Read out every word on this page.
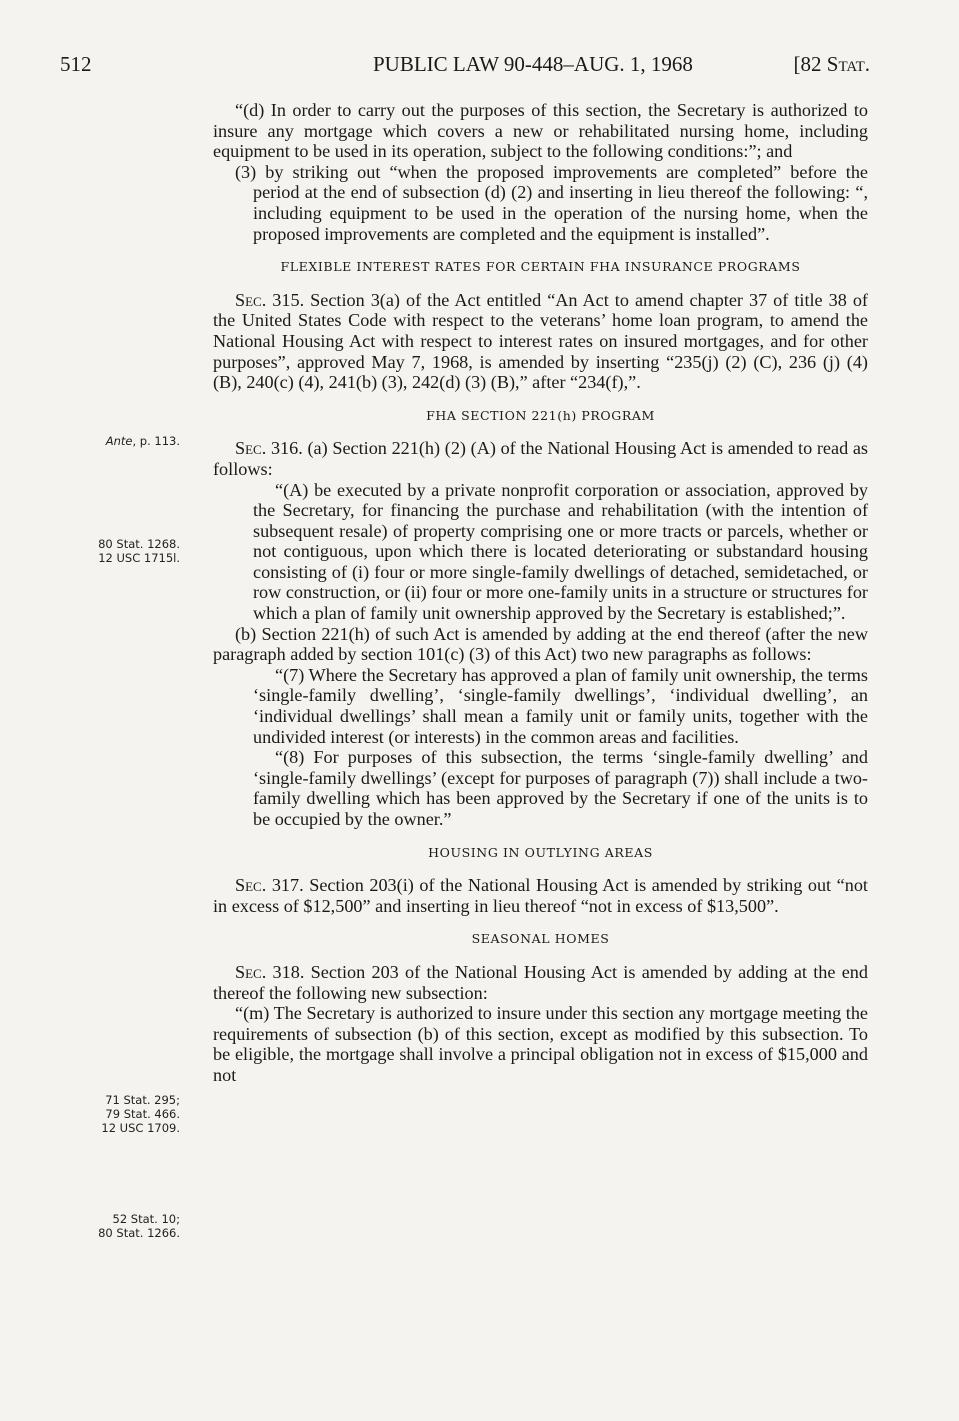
512	PUBLIC LAW 90-448–AUG. 1, 1968	[82 Stat.
Ante, p. 113.
80 Stat. 1268.
12 USC 1715l.
71 Stat. 295;
79 Stat. 466.
12 USC 1709.
52 Stat. 10;
80 Stat. 1266.

“(d) In order to carry out the purposes of this section, the Secretary is authorized to insure any mortgage which covers a new or rehabilitated nursing home, including equipment to be used in its operation, subject to the following conditions:”; and

(3) by striking out “when the proposed improvements are completed” before the period at the end of subsection (d) (2) and inserting in lieu thereof the following: “, including equipment to be used in the operation of the nursing home, when the proposed improvements are completed and the equipment is installed”.

FLEXIBLE INTEREST RATES FOR CERTAIN FHA INSURANCE PROGRAMS

Sec. 315. Section 3(a) of the Act entitled “An Act to amend chapter 37 of title 38 of the United States Code with respect to the veterans’ home loan program, to amend the National Housing Act with respect to interest rates on insured mortgages, and for other purposes”, approved May 7, 1968, is amended by inserting “235(j) (2) (C), 236 (j) (4) (B), 240(c) (4), 241(b) (3), 242(d) (3) (B),” after “234(f),”.

FHA SECTION 221(h) PROGRAM

Sec. 316. (a) Section 221(h) (2) (A) of the National Housing Act is amended to read as follows:

“(A) be executed by a private nonprofit corporation or association, approved by the Secretary, for financing the purchase and rehabilitation (with the intention of subsequent resale) of property comprising one or more tracts or parcels, whether or not contiguous, upon which there is located deteriorating or substandard housing consisting of (i) four or more single-family dwellings of detached, semidetached, or row construction, or (ii) four or more one-family units in a structure or structures for which a plan of family unit ownership approved by the Secretary is established;”.

(b) Section 221(h) of such Act is amended by adding at the end thereof (after the new paragraph added by section 101(c) (3) of this Act) two new paragraphs as follows:

“(7) Where the Secretary has approved a plan of family unit ownership, the terms ‘single-family dwelling’, ‘single-family dwellings’, ‘individual dwelling’, an ‘individual dwellings’ shall mean a family unit or family units, together with the undivided interest (or interests) in the common areas and facilities.

“(8) For purposes of this subsection, the terms ‘single-family dwelling’ and ‘single-family dwellings’ (except for purposes of paragraph (7)) shall include a two-family dwelling which has been approved by the Secretary if one of the units is to be occupied by the owner.”

HOUSING IN OUTLYING AREAS

Sec. 317. Section 203(i) of the National Housing Act is amended by striking out “not in excess of $12,500” and inserting in lieu thereof “not in excess of $13,500”.

SEASONAL HOMES

Sec. 318. Section 203 of the National Housing Act is amended by adding at the end thereof the following new subsection:

“(m) The Secretary is authorized to insure under this section any mortgage meeting the requirements of subsection (b) of this section, except as modified by this subsection. To be eligible, the mortgage shall involve a principal obligation not in excess of $15,000 and not
